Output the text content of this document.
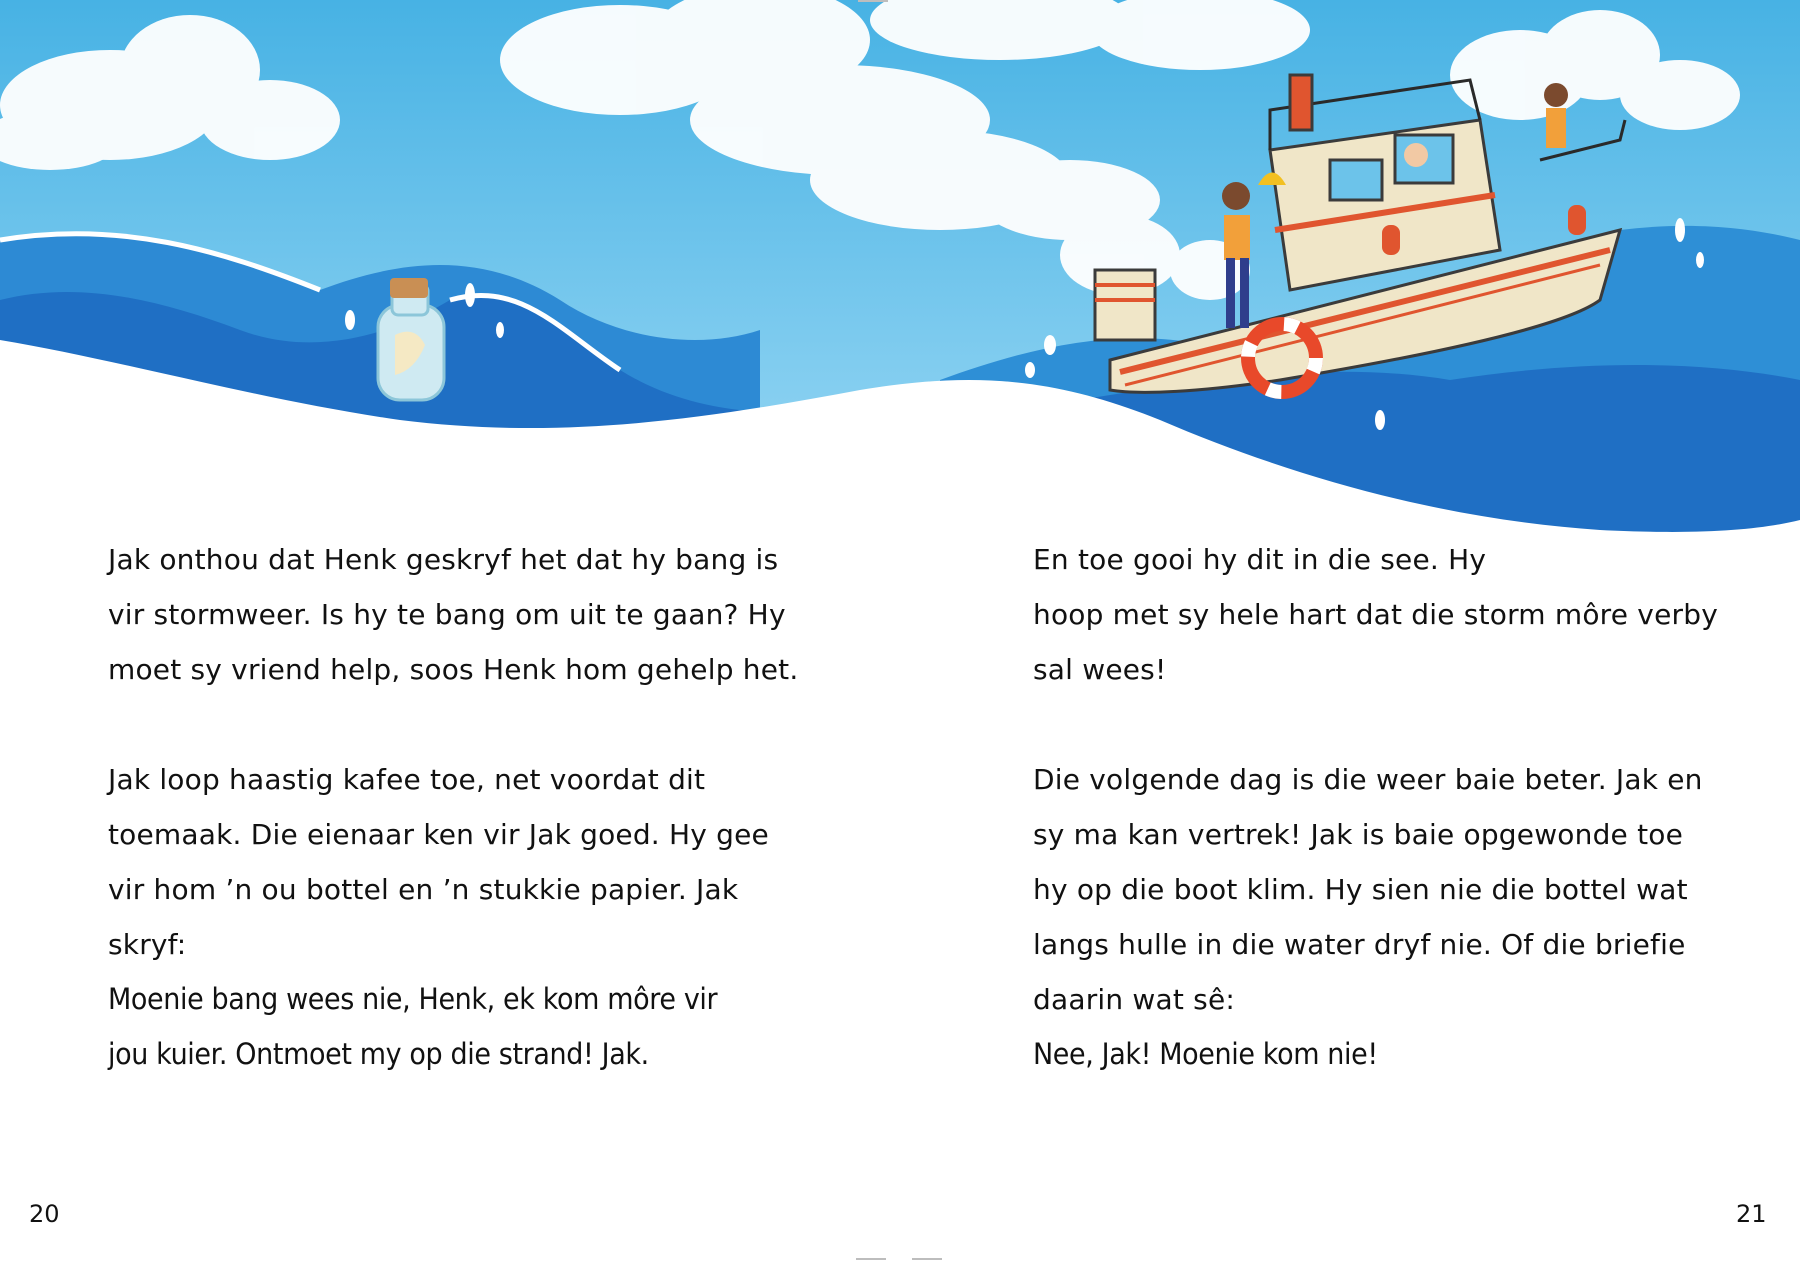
Jak onthou dat Henk geskryf het dat hy bang is
vir stormweer. Is hy te bang om uit te gaan? Hy
moet sy vriend help, soos Henk hom gehelp het.

Jak loop haastig kafee toe, net voordat dit
toemaak. Die eienaar ken vir Jak goed. Hy gee
vir hom ’n ou bottel en ’n stukkie papier. Jak
skryf:
Moenie bang wees nie, Henk, ek kom môre vir
jou kuier. Ontmoet my op die strand! Jak.

20

En toe gooi hy dit in die see. Hy
hoop met sy hele hart dat die storm môre verby
sal wees!

Die volgende dag is die weer baie beter. Jak en
sy ma kan vertrek! Jak is baie opgewonde toe
hy op die boot klim. Hy sien nie die bottel wat
langs hulle in die water dryf nie. Of die briefie
daarin wat sê:
Nee, Jak! Moenie kom nie!

21
